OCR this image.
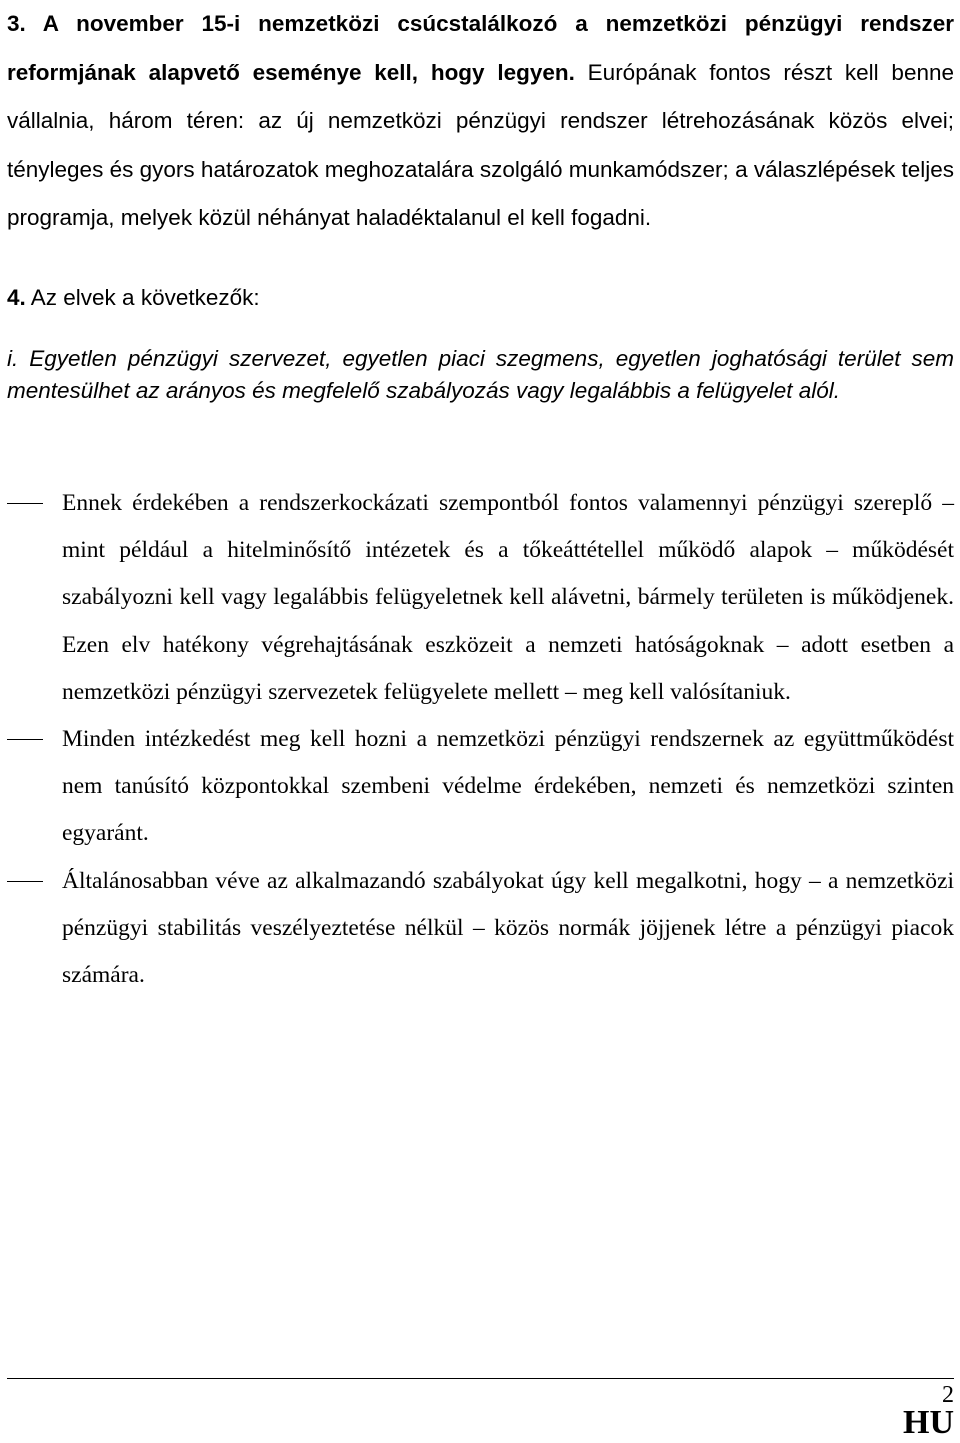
3. A november 15-i nemzetközi csúcstalálkozó a nemzetközi pénzügyi rendszer reformjának alapvető eseménye kell, hogy legyen. Európának fontos részt kell benne vállalnia, három téren: az új nemzetközi pénzügyi rendszer létrehozásának közös elvei; tényleges és gyors határozatok meghozatalára szolgáló munkamódszer; a válaszlépések teljes programja, melyek közül néhányat haladéktalanul el kell fogadni.

4. Az elvek a következők:

i. Egyetlen pénzügyi szervezet, egyetlen piaci szegmens, egyetlen joghatósági terület sem mentesülhet az arányos és megfelelő szabályozás vagy legalábbis a felügyelet alól.

Ennek érdekében a rendszerkockázati szempontból fontos valamennyi pénzügyi szereplő – mint például a hitelminősítő intézetek és a tőkeáttétellel működő alapok – működését szabályozni kell vagy legalábbis felügyeletnek kell alávetni, bármely területen is működjenek. Ezen elv hatékony végrehajtásának eszközeit a nemzeti hatóságoknak – adott esetben a nemzetközi pénzügyi szervezetek felügyelete mellett – meg kell valósítaniuk.
Minden intézkedést meg kell hozni a nemzetközi pénzügyi rendszernek az együttműködést nem tanúsító központokkal szembeni védelme érdekében, nemzeti és nemzetközi szinten egyaránt.
Általánosabban véve az alkalmazandó szabályokat úgy kell megalkotni, hogy – a nemzetközi pénzügyi stabilitás veszélyeztetése nélkül – közös normák jöjjenek létre a pénzügyi piacok számára.
2
HU
